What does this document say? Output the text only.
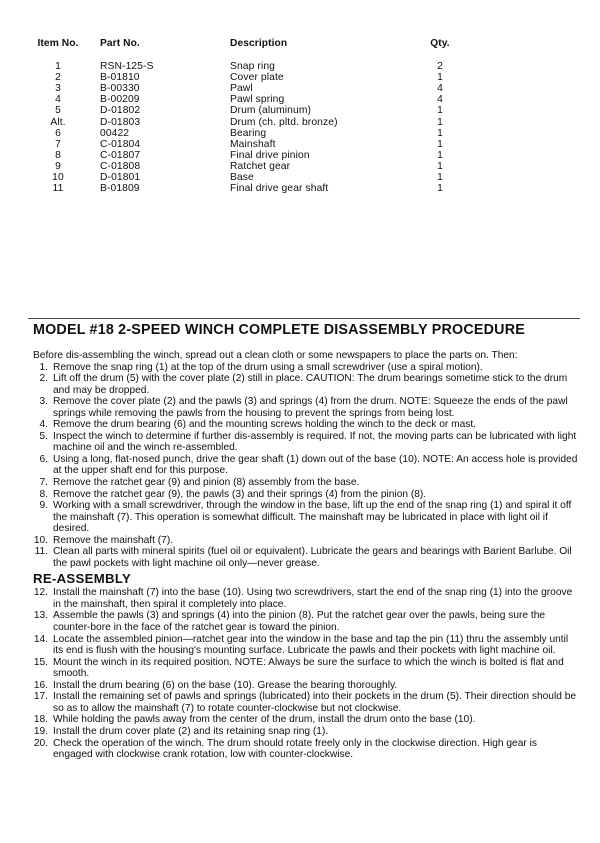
Item No.	Part No.	Description	Qty.
1	RSN-125-S	Snap ring	2
2	B-01810	Cover plate	1
3	B-00330	Pawl	4
4	B-00209	Pawl spring	4
5	D-01802	Drum (aluminum)	1
Alt.	D-01803	Drum (ch. pltd. bronze)	1
6	00422	Bearing	1
7	C-01804	Mainshaft	1
8	C-01807	Final drive pinion	1
9	C-01808	Ratchet gear	1
10	D-01801	Base	1
11	B-01809	Final drive gear shaft	1
MODEL #18 2-SPEED WINCH COMPLETE DISASSEMBLY PROCEDURE

Before dis-assembling the winch, spread out a clean cloth or some newspapers to place the parts on. Then:

1. Remove the snap ring (1) at the top of the drum using a small screwdriver (use a spiral motion).
2. Lift off the drum (5) with the cover plate (2) still in place. CAUTION: The drum bearings sometime stick to the drum and may be dropped.
3. Remove the cover plate (2) and the pawls (3) and springs (4) from the drum. NOTE: Squeeze the ends of the pawl springs while removing the pawls from the housing to prevent the springs from being lost.
4. Remove the drum bearing (6) and the mounting screws holding the winch to the deck or mast.
5. Inspect the winch to determine if further dis-assembly is required. If not, the moving parts can be lubricated with light machine oil and the winch re-assembled.
6. Using a long, flat-nosed punch, drive the gear shaft (1) down out of the base (10). NOTE: An access hole is provided at the upper shaft end for this purpose.
7. Remove the ratchet gear (9) and pinion (8) assembly from the base.
8. Remove the ratchet gear (9), the pawls (3) and their springs (4) from the pinion (8).
9. Working with a small screwdriver, through the window in the base, lift up the end of the snap ring (1) and spiral it off the mainshaft (7). This operation is somewhat difficult. The mainshaft may be lubricated in place with light oil if desired.
10. Remove the mainshaft (7).
11. Clean all parts with mineral spirits (fuel oil or equivalent). Lubricate the gears and bearings with Barient Barlube. Oil the pawl pockets with light machine oil only—never grease.
RE-ASSEMBLY
12. Install the mainshaft (7) into the base (10). Using two screwdrivers, start the end of the snap ring (1) into the groove in the mainshaft, then spiral it completely into place.
13. Assemble the pawls (3) and springs (4) into the pinion (8). Put the ratchet gear over the pawls, being sure the counter-bore in the face of the ratchet gear is toward the pinion.
14. Locate the assembled pinion—ratchet gear into the window in the base and tap the pin (11) thru the assembly until its end is flush with the housing's mounting surface. Lubricate the pawls and their pockets with light machine oil.
15. Mount the winch in its required position. NOTE: Always be sure the surface to which the winch is bolted is flat and smooth.
16. Install the drum bearing (6) on the base (10). Grease the bearing thoroughly.
17. Install the remaining set of pawls and springs (lubricated) into their pockets in the drum (5). Their direction should be so as to allow the mainshaft (7) to rotate counter-clockwise but not clockwise.
18. While holding the pawls away from the center of the drum, install the drum onto the base (10).
19. Install the drum cover plate (2) and its retaining snap ring (1).
20. Check the operation of the winch. The drum should rotate freely only in the clockwise direction. High gear is engaged with clockwise crank rotation, low with counter-clockwise.
